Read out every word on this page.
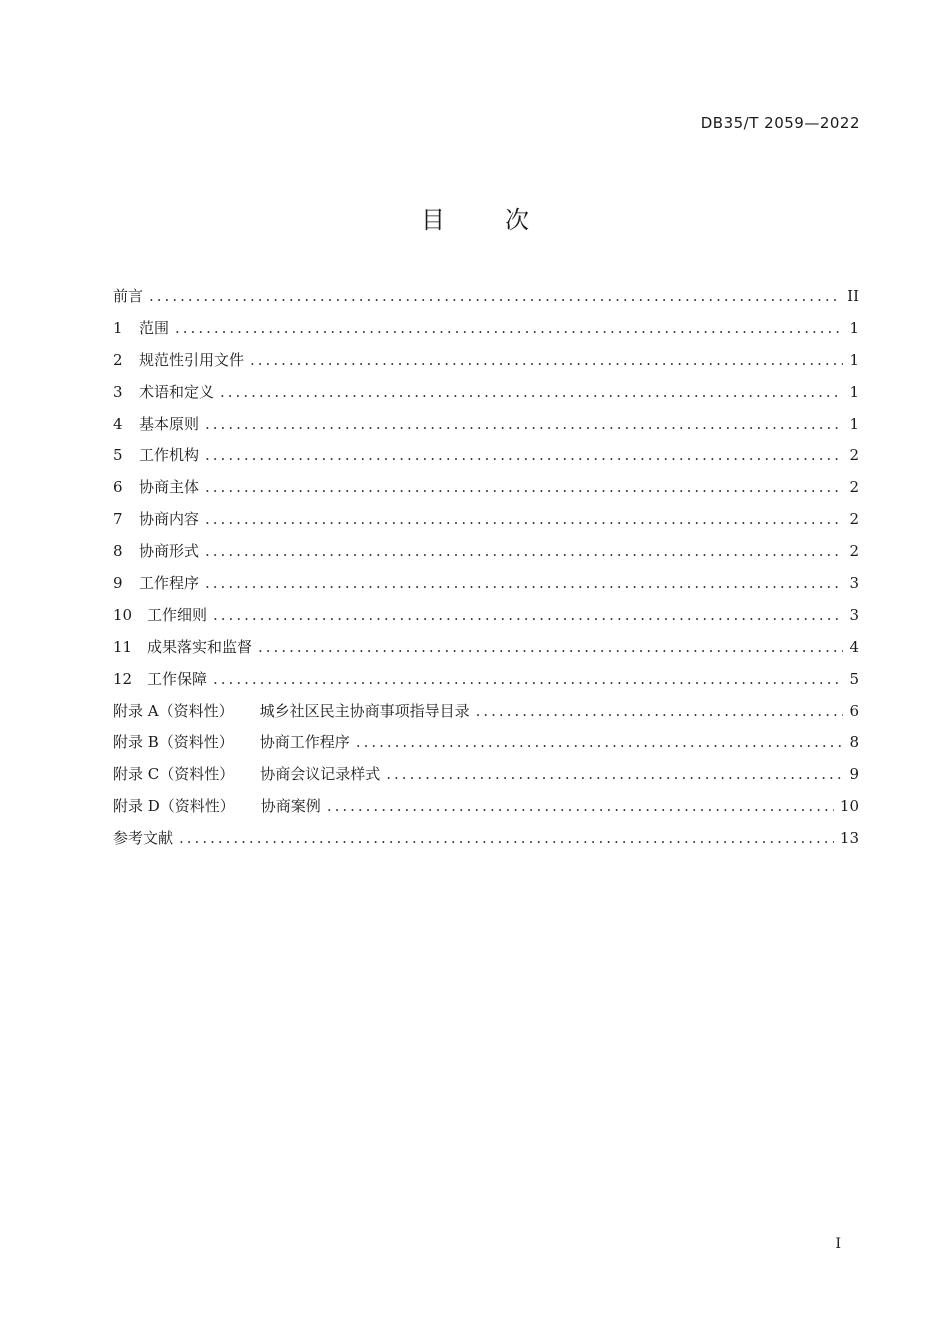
DB35/T 2059—2022
目次
前言 .....	II
1	范围 .....	1
2	规范性引用文件 .....	1
3	术语和定义 .....	1
4	基本原则 .....	1
5	工作机构 .....	2
6	协商主体 .....	2
7	协商内容 .....	2
8	协商形式 .....	2
9	工作程序 .....	3
10 工作细则 .....	3
11 成果落实和监督 .....	4
12 工作保障 .....	5
附录 A（资料性） 城乡社区民主协商事项指导目录 .....	6
附录 B（资料性） 协商工作程序 .....	8
附录 C（资料性） 协商会议记录样式 .....	9
附录 D（资料性） 协商案例 .....	10
参考文献 .....	13
I
